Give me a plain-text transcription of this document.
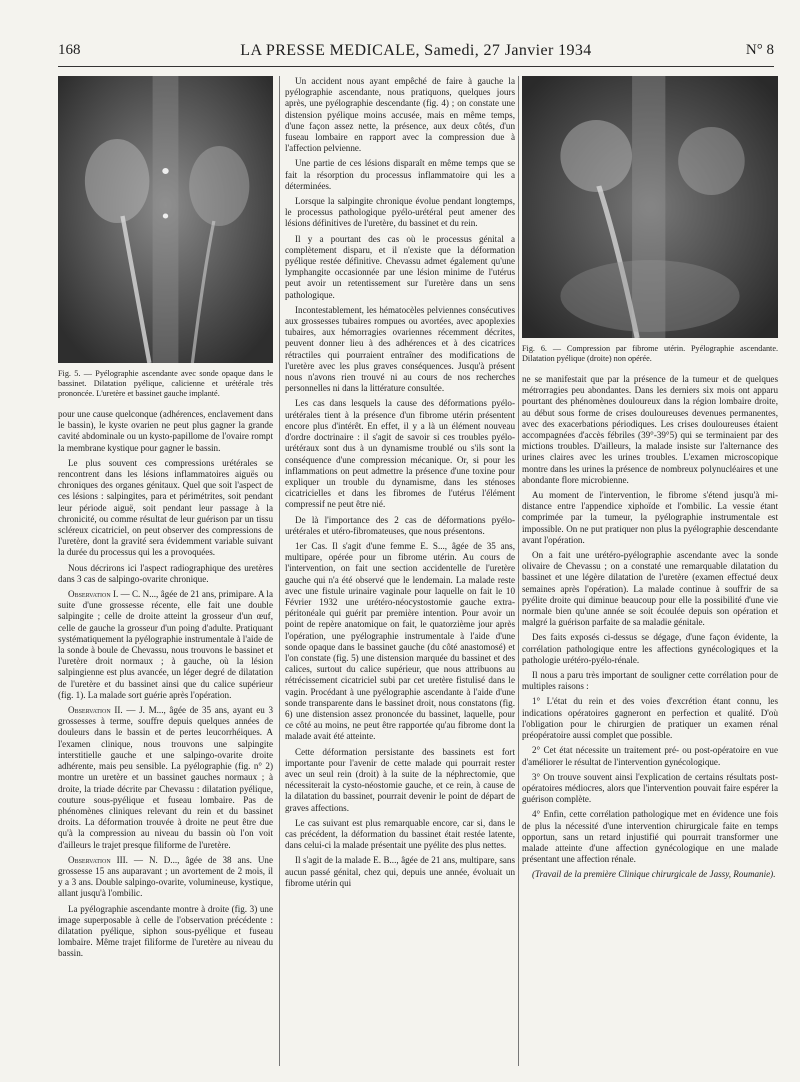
168	LA PRESSE MEDICALE, Samedi, 27 Janvier 1934	N° 8
Fig. 5. — Pyélographie ascendante avec sonde opaque dans le bassinet. Dilatation pyélique, calicienne et urétérale très prononcée. L'uretère et bassinet gauche implanté.

pour une cause quelconque (adhérences, enclavement dans le bassin), le kyste ovarien ne peut plus gagner la grande cavité abdominale ou un kysto-papillome de l'ovaire rompt la membrane kystique pour gagner le bassin.

Le plus souvent ces compressions urétérales se rencontrent dans les lésions inflammatoires aiguës ou chroniques des organes génitaux. Quel que soit l'aspect de ces lésions : salpingites, para et périmétrites, soit pendant leur période aiguë, soit pendant leur passage à la chronicité, ou comme résultat de leur guérison par un tissu scléreux cicatriciel, on peut observer des compressions de l'uretère, dont la gravité sera évidemment variable suivant la durée du processus qui les a provoquées.

Nous décrirons ici l'aspect radiographique des uretères dans 3 cas de salpingo-ovarite chronique.

Observation I. — C. N..., âgée de 21 ans, primipare. A la suite d'une grossesse récente, elle fait une double salpingite ; celle de droite atteint la grosseur d'un œuf, celle de gauche la grosseur d'un poing d'adulte. Pratiquant systématiquement la pyélographie instrumentale à l'aide de la sonde à boule de Chevassu, nous trouvons le bassinet et l'uretère droit normaux ; à gauche, où la lésion salpingienne est plus avancée, un léger degré de dilatation de l'uretère et du bassinet ainsi que du calice supérieur (fig. 1). La malade sort guérie après l'opération.

Observation II. — J. M..., âgée de 35 ans, ayant eu 3 grossesses à terme, souffre depuis quelques années de douleurs dans le bassin et de pertes leucorrhéiques. A l'examen clinique, nous trouvons une salpingite interstitielle gauche et une salpingo-ovarite droite adhérente, mais peu sensible. La pyélographie (fig. n° 2) montre un uretère et un bassinet gauches normaux ; à droite, la triade décrite par Chevassu : dilatation pyélique, couture sous-pyélique et fuseau lombaire. Pas de phénomènes cliniques relevant du rein et du bassinet droits. La déformation trouvée à droite ne peut être due qu'à la compression au niveau du bassin où l'on voit d'ailleurs le trajet presque filiforme de l'uretère.

Observation III. — N. D..., âgée de 38 ans. Une grossesse 15 ans auparavant ; un avortement de 2 mois, il y a 3 ans. Double salpingo-ovarite, volumineuse, kystique, allant jusqu'à l'ombilic.

La pyélographie ascendante montre à droite (fig. 3) une image superposable à celle de l'observation précédente : dilatation pyélique, siphon sous-pyélique et fuseau lombaire. Même trajet filiforme de l'uretère au niveau du bassin.

Un accident nous ayant empêché de faire à gauche la pyélographie ascendante, nous pratiquons, quelques jours après, une pyélographie descendante (fig. 4) ; on constate une distension pyélique moins accusée, mais en même temps, d'une façon assez nette, la présence, aux deux côtés, d'un fuseau lombaire en rapport avec la compression due à l'affection pelvienne.

Une partie de ces lésions disparaît en même temps que se fait la résorption du processus inflammatoire qui les a déterminées.

Lorsque la salpingite chronique évolue pendant longtemps, le processus pathologique pyélo-urétéral peut amener des lésions définitives de l'uretère, du bassinet et du rein.

Il y a pourtant des cas où le processus génital a complètement disparu, et il n'existe que la déformation pyélique restée définitive. Chevassu admet également qu'une lymphangite occasionnée par une lésion minime de l'utérus peut avoir un retentissement sur l'uretère dans un sens pathologique.

Incontestablement, les hématocèles pelviennes consécutives aux grossesses tubaires rompues ou avortées, avec apoplexies tubaires, aux hémorragies ovariennes récemment décrites, peuvent donner lieu à des adhérences et à des cicatrices rétractiles qui pourraient entraîner des modifications de l'uretère avec les plus graves conséquences. Jusqu'à présent nous n'avons rien trouvé ni au cours de nos recherches personnelles ni dans la littérature consultée.

Les cas dans lesquels la cause des déformations pyélo-urétérales tient à la présence d'un fibrome utérin présentent encore plus d'intérêt. En effet, il y a là un élément nouveau d'ordre doctrinaire : il s'agit de savoir si ces troubles pyélo-urétéraux sont dus à un dynamisme troublé ou s'ils sont la conséquence d'une compression mécanique. Or, si pour les inflammations on peut admettre la présence d'une toxine pour expliquer un trouble du dynamisme, dans les sténoses cicatricielles et dans les fibromes de l'utérus l'élément compressif ne peut être nié.

De là l'importance des 2 cas de déformations pyélo-urétérales et utéro-fibromateuses, que nous présentons.

1er Cas. Il s'agit d'une femme E. S..., âgée de 35 ans, multipare, opérée pour un fibrome utérin. Au cours de l'intervention, on fait une section accidentelle de l'uretère gauche qui n'a été observé que le lendemain. La malade reste avec une fistule urinaire vaginale pour laquelle on fait le 10 Février 1932 une urétéro-néocystostomie gauche extra-péritonéale qui guérit par première intention. Pour avoir un point de repère anatomique on fait, le quatorzième jour après l'opération, une pyélographie instrumentale à l'aide d'une sonde opaque dans le bassinet gauche (du côté anastomosé) et l'on constate (fig. 5) une distension marquée du bassinet et des calices, surtout du calice supérieur, que nous attribuons au rétrécissement cicatriciel subi par cet uretère fistulisé dans le vagin. Procédant à une pyélographie ascendante à l'aide d'une sonde transparente dans le bassinet droit, nous constatons (fig. 6) une distension assez prononcée du bassinet, laquelle, pour ce côté au moins, ne peut être rapportée qu'au fibrome dont la malade avait été atteinte.

Cette déformation persistante des bassinets est fort importante pour l'avenir de cette malade qui pourrait rester avec un seul rein (droit) à la suite de la néphrectomie, que nécessiterait la cysto-néostomie gauche, et ce rein, à cause de la dilatation du bassinet, pourrait devenir le point de départ de graves affections.

Le cas suivant est plus remarquable encore, car si, dans le cas précédent, la déformation du bassinet était restée latente, dans celui-ci la malade présentait une pyélite des plus nettes.

Il s'agit de la malade E. B..., âgée de 21 ans, multipare, sans aucun passé génital, chez qui, depuis une année, évoluait un fibrome utérin qui

Fig. 6. — Compression par fibrome utérin. Pyélographie ascendante. Dilatation pyélique (droite) non opérée.

ne se manifestait que par la présence de la tumeur et de quelques métrorragies peu abondantes. Dans les derniers six mois ont apparu pourtant des phénomènes douloureux dans la région lombaire droite, au début sous forme de crises douloureuses devenues permanentes, avec des exacerbations périodiques. Les crises douloureuses étaient accompagnées d'accès fébriles (39°-39°5) qui se terminaient par des mictions troubles. D'ailleurs, la malade insiste sur l'alternance des urines claires avec les urines troubles. L'examen microscopique montre dans les urines la présence de nombreux polynucléaires et une abondante flore microbienne.

Au moment de l'intervention, le fibrome s'étend jusqu'à mi-distance entre l'appendice xiphoïde et l'ombilic. La vessie étant comprimée par la tumeur, la pyélographie instrumentale est impossible. On ne put pratiquer non plus la pyélographie descendante avant l'opération.

On a fait une urétéro-pyélographie ascendante avec la sonde olivaire de Chevassu ; on a constaté une remarquable dilatation du bassinet et une légère dilatation de l'uretère (examen effectué deux semaines après l'opération). La malade continue à souffrir de sa pyélite droite qui diminue beaucoup pour elle la possibilité d'une vie normale bien qu'une année se soit écoulée depuis son opération et malgré la guérison parfaite de sa maladie génitale.

Des faits exposés ci-dessus se dégage, d'une façon évidente, la corrélation pathologique entre les affections gynécologiques et la pathologie urétéro-pyélo-rénale.

Il nous a paru très important de souligner cette corrélation pour de multiples raisons :

1° L'état du rein et des voies d'excrétion étant connu, les indications opératoires gagneront en perfection et qualité. D'où l'obligation pour le chirurgien de pratiquer un examen rénal préopératoire aussi complet que possible.

2° Cet état nécessite un traitement pré- ou post-opératoire en vue d'améliorer le résultat de l'intervention gynécologique.

3° On trouve souvent ainsi l'explication de certains résultats post-opératoires médiocres, alors que l'intervention pouvait faire espérer la guérison complète.

4° Enfin, cette corrélation pathologique met en évidence une fois de plus la nécessité d'une intervention chirurgicale faite en temps opportun, sans un retard injustifié qui pourrait transformer une malade atteinte d'une affection gynécologique en une malade présentant une affection rénale.

(Travail de la première Clinique chirurgicale de Jassy, Roumanie).
